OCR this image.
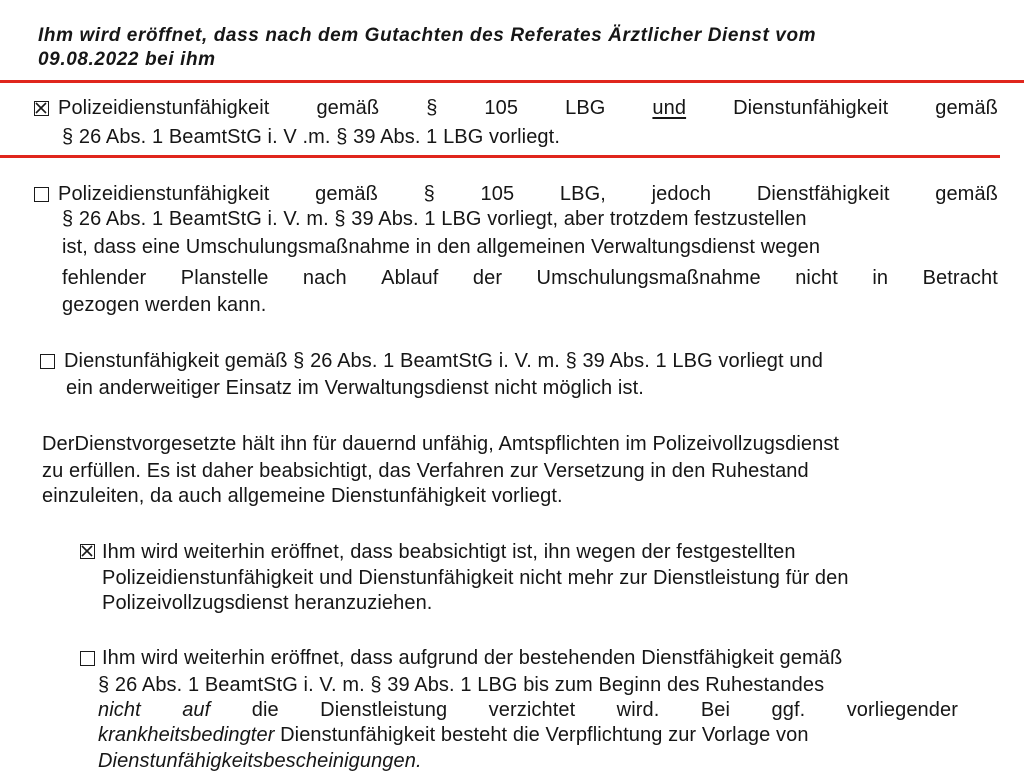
Ihm wird eröffnet, dass nach dem Gutachten des Referates Ärztlicher Dienst vom
09.08.2022 bei ihm
Polizeidienstunfähigkeit gemäß § 105 LBG und Dienstunfähigkeit gemäß
§ 26 Abs. 1 BeamtStG i. V .m. § 39 Abs. 1 LBG vorliegt.
Polizeidienstunfähigkeit gemäß § 105 LBG, jedoch Dienstfähigkeit gemäß
§ 26 Abs. 1 BeamtStG i. V. m. § 39 Abs. 1 LBG vorliegt, aber trotzdem festzustellen
ist, dass eine Umschulungsmaßnahme in den allgemeinen Verwaltungsdienst wegen
fehlender Planstelle nach Ablauf der Umschulungsmaßnahme nicht in Betracht
gezogen werden kann.
Dienstunfähigkeit gemäß § 26 Abs. 1 BeamtStG i. V. m. § 39 Abs. 1 LBG vorliegt und
ein anderweitiger Einsatz im Verwaltungsdienst nicht möglich ist.
DerDienstvorgesetzte hält ihn für dauernd unfähig, Amtspflichten im Polizeivollzugsdienst
zu erfüllen. Es ist daher beabsichtigt, das Verfahren zur Versetzung in den Ruhestand
einzuleiten, da auch allgemeine Dienstunfähigkeit vorliegt.
Ihm wird weiterhin eröffnet, dass beabsichtigt ist, ihn wegen der festgestellten
Polizeidienstunfähigkeit und Dienstunfähigkeit nicht mehr zur Dienstleistung für den
Polizeivollzugsdienst heranzuziehen.
Ihm wird weiterhin eröffnet, dass aufgrund der bestehenden Dienstfähigkeit gemäß
§ 26 Abs. 1 BeamtStG i. V. m. § 39 Abs. 1 LBG bis zum Beginn des Ruhestandes
nicht auf die Dienstleistung verzichtet wird. Bei ggf. vorliegender
krankheitsbedingter Dienstunfähigkeit besteht die Verpflichtung zur Vorlage von
Dienstunfähigkeitsbescheinigungen.
